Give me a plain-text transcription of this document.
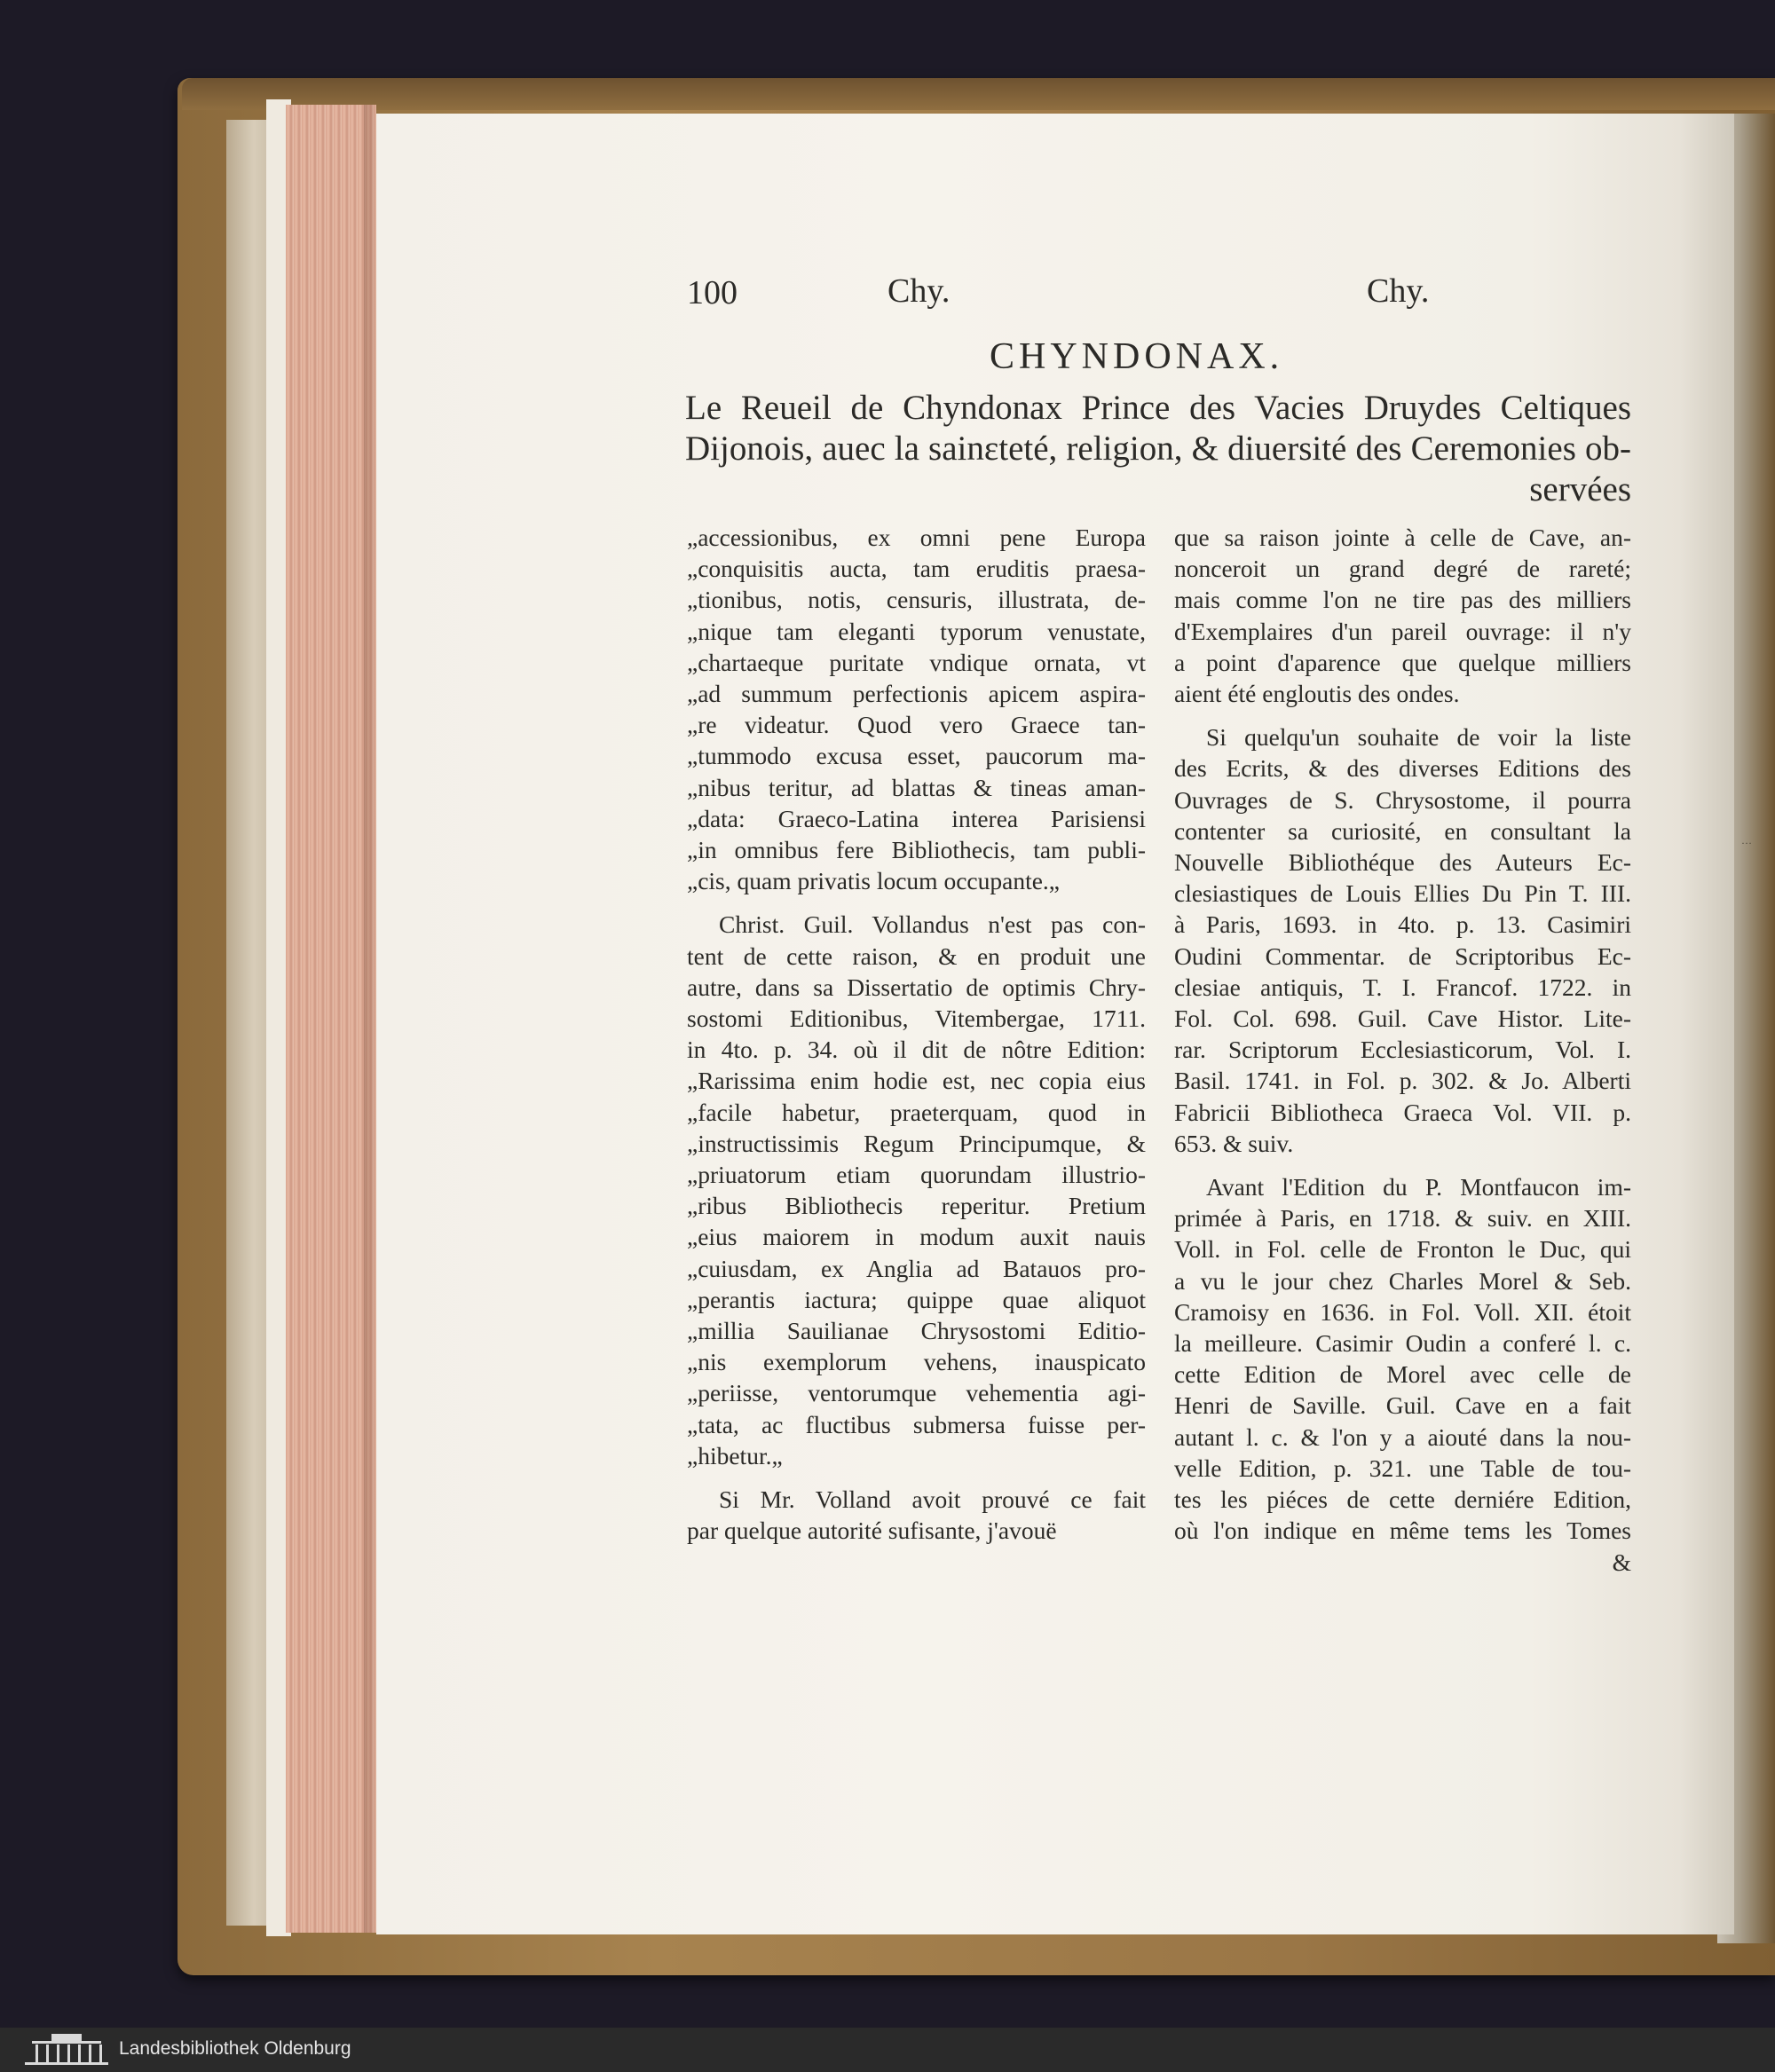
100	Chy.	Chy.
CHYNDONAX.
Le Reueil de Chyndonax Prince des Vacies Druydes Celtiques
Dijonois, auec la sainɛteté, religion, & diuersité des Ceremonies ob-
servées
„accessionibus, ex omni pene Europa
„conquisitis aucta, tam eruditis praesa-
„tionibus, notis, censuris, illustrata, de-
„nique tam eleganti typorum venustate,
„chartaeque puritate vndique ornata, vt
„ad summum perfectionis apicem aspira-
„re videatur. Quod vero Graece tan-
„tummodo excusa esset, paucorum ma-
„nibus teritur, ad blattas & tineas aman-
„data: Graeco-Latina interea Parisiensi
„in omnibus fere Bibliothecis, tam publi-
„cis, quam privatis locum occupante.„
Christ. Guil. Vollandus n'est pas con-
tent de cette raison, & en produit une
autre, dans sa Dissertatio de optimis Chry-
sostomi Editionibus, Vitembergae, 1711.
in 4to. p. 34. où il dit de nôtre Edition:
„Rarissima enim hodie est, nec copia eius
„facile habetur, praeterquam, quod in
„instructissimis Regum Principumque, &
„priuatorum etiam quorundam illustrio-
„ribus Bibliothecis reperitur. Pretium
„eius maiorem in modum auxit nauis
„cuiusdam, ex Anglia ad Batauos pro-
„perantis iactura; quippe quae aliquot
„millia Sauilianae Chrysostomi Editio-
„nis exemplorum vehens, inauspicato
„periisse, ventorumque vehementia agi-
„tata, ac fluctibus submersa fuisse per-
„hibetur.„
Si Mr. Volland avoit prouvé ce fait
par quelque autorité sufisante, j'avouë
que sa raison jointe à celle de Cave, an-
nonceroit un grand degré de rareté;
mais comme l'on ne tire pas des milliers
d'Exemplaires d'un pareil ouvrage: il n'y
a point d'aparence que quelque milliers
aient été engloutis des ondes.
Si quelqu'un souhaite de voir la liste
des Ecrits, & des diverses Editions des
Ouvrages de S. Chrysostome, il pourra
contenter sa curiosité, en consultant la
Nouvelle Bibliothéque des Auteurs Ec-
clesiastiques de Louis Ellies Du Pin T. III.
à Paris, 1693. in 4to. p. 13. Casimiri
Oudini Commentar. de Scriptoribus Ec-
clesiae antiquis, T. I. Francof. 1722. in
Fol. Col. 698. Guil. Cave Histor. Lite-
rar. Scriptorum Ecclesiasticorum, Vol. I.
Basil. 1741. in Fol. p. 302. & Jo. Alberti
Fabricii Bibliotheca Graeca Vol. VII. p.
653. & suiv.
Avant l'Edition du P. Montfaucon im-
primée à Paris, en 1718. & suiv. en XIII.
Voll. in Fol. celle de Fronton le Duc, qui
a vu le jour chez Charles Morel & Seb.
Cramoisy en 1636. in Fol. Voll. XII. étoit
la meilleure. Casimir Oudin a conferé l. c.
cette Edition de Morel avec celle de
Henri de Saville. Guil. Cave en a fait
autant l. c. & l'on y a aiouté dans la nou-
velle Edition, p. 321. une Table de tou-
tes les piéces de cette derniére Edition,
où l'on indique en même tems les Tomes
&
…
Landesbibliothek Oldenburg
